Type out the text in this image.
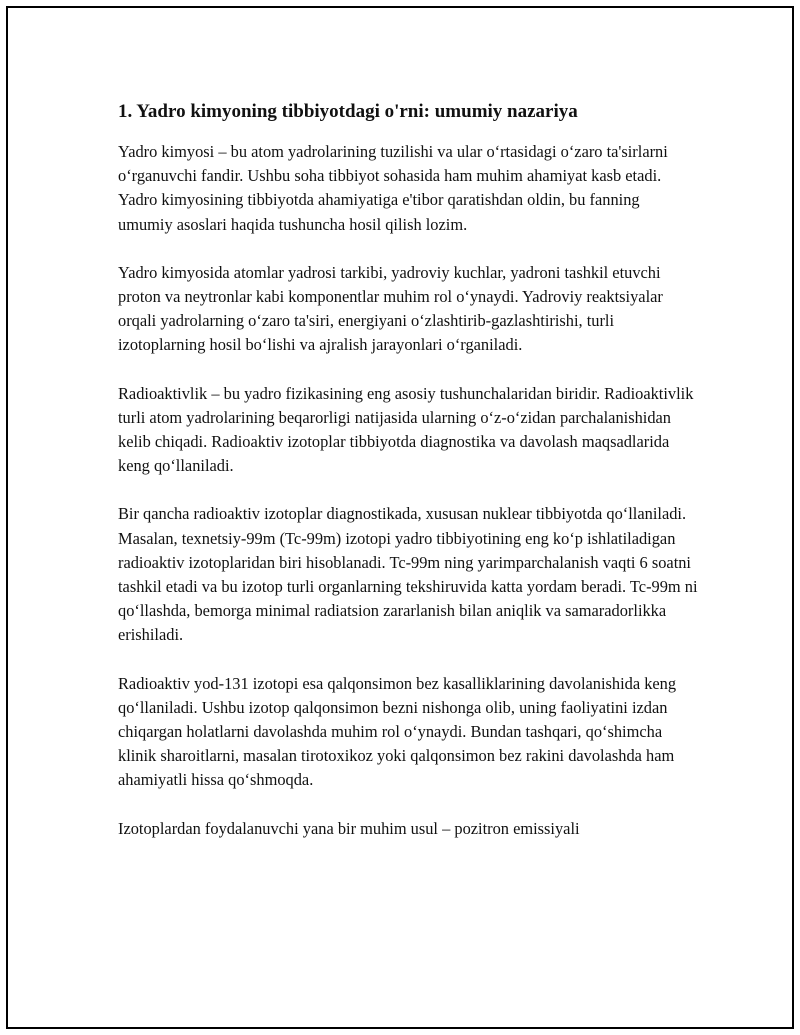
1. Yadro kimyoning tibbiyotdagi o'rni: umumiy nazariya

Yadro kimyosi – bu atom yadrolarining tuzilishi va ular oʻrtasidagi oʻzaro ta'sirlarni oʻrganuvchi fandir. Ushbu soha tibbiyot sohasida ham muhim ahamiyat kasb etadi. Yadro kimyosining tibbiyotda ahamiyatiga e'tibor qaratishdan oldin, bu fanning umumiy asoslari haqida tushuncha hosil qilish lozim.

Yadro kimyosida atomlar yadrosi tarkibi, yadroviy kuchlar, yadroni tashkil etuvchi proton va neytronlar kabi komponentlar muhim rol oʻynaydi. Yadroviy reaktsiyalar orqali yadrolarning oʻzaro ta'siri, energiyani oʻzlashtirib-gazlashtirishi, turli izotoplarning hosil boʻlishi va ajralish jarayonlari oʻrganiladi.

Radioaktivlik – bu yadro fizikasining eng asosiy tushunchalaridan biridir. Radioaktivlik turli atom yadrolarining beqarorligi natijasida ularning oʻz-oʻzidan parchalanishidan kelib chiqadi. Radioaktiv izotoplar tibbiyotda diagnostika va davolash maqsadlarida keng qoʻllaniladi.

Bir qancha radioaktiv izotoplar diagnostikada, xususan nuklear tibbiyotda qoʻllaniladi. Masalan, texnetsiy-99m (Tc-99m) izotopi yadro tibbiyotining eng koʻp ishlatiladigan radioaktiv izotoplaridan biri hisoblanadi. Tc-99m ning yarimparchalanish vaqti 6 soatni tashkil etadi va bu izotop turli organlarning tekshiruvida katta yordam beradi. Tc-99m ni qoʻllashda, bemorga minimal radiatsion zararlanish bilan aniqlik va samaradorlikka erishiladi.

Radioaktiv yod-131 izotopi esa qalqonsimon bez kasalliklarining davolanishida keng qoʻllaniladi. Ushbu izotop qalqonsimon bezni nishonga olib, uning faoliyatini izdan chiqargan holatlarni davolashda muhim rol oʻynaydi. Bundan tashqari, qoʻshimcha klinik sharoitlarni, masalan tirotoxikoz yoki qalqonsimon bez rakini davolashda ham ahamiyatli hissa qoʻshmoqda.

Izotoplardan foydalanuvchi yana bir muhim usul – pozitron emissiyali
